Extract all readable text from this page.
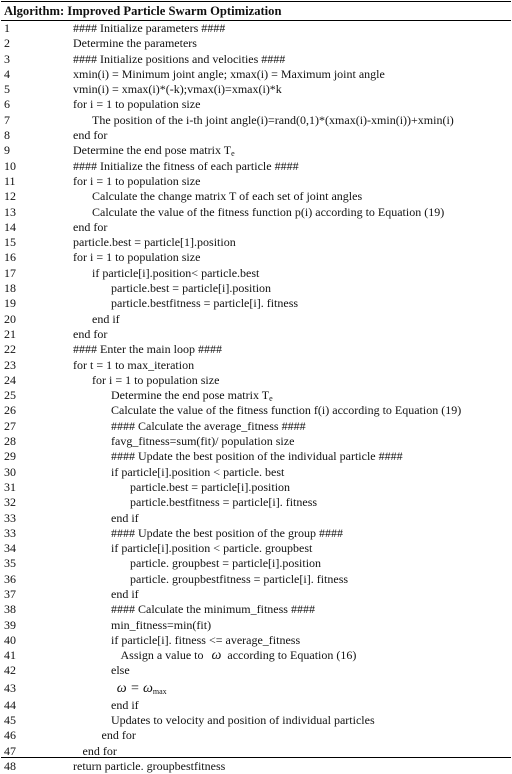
Algorithm: Improved Particle Swarm Optimization
1	#### Initialize parameters ####
2	Determine the parameters
3	#### Initialize positions and velocities ####
4	xmin(i) = Minimum joint angle; xmax(i) = Maximum joint angle
5	vmin(i) = xmax(i)*(-k);vmax(i)=xmax(i)*k
6	for i = 1 to population size
7	The position of the i-th joint angle(i)=rand(0,1)*(xmax(i)-xmin(i))+xmin(i)
8	end for
9	Determine the end pose matrix $T_e$
10	#### Initialize the fitness of each particle ####
11	for i = 1 to population size
12	Calculate the change matrix T of each set of joint angles
13	Calculate the value of the fitness function p(i) according to Equation (19)
14	end for
15	particle.best = particle[1].position
16	for i = 1 to population size
17	if particle[i].position< particle.best
18	particle.best = particle[i].position
19	particle.bestfitness = particle[i]. fitness
20	end if
21	end for
22	#### Enter the main loop ####
23	for t = 1 to max_iteration
24	for i = 1 to population size
25	Determine the end pose matrix $T_e$
26	Calculate the value of the fitness function f(i) according to Equation (19)
27	#### Calculate the average_fitness ####
28	favg_fitness=sum(fit)/ population size
29	#### Update the best position of the individual particle ####
30	if particle[i].position < particle. best
31	particle.best = particle[i].position
32	particle.bestfitness = particle[i]. fitness
33	end if
33	#### Update the best position of the group ####
34	if particle[i].position < particle. groupbest
35	particle. groupbest = particle[i].position
36	particle. groupbestfitness = particle[i]. fitness
37	end if
38	#### Calculate the minimum_fitness ####
39	min_fitness=min(fit)
40	if particle[i]. fitness <= average_fitness
41	Assign a value to ω according to Equation (16)
42	else
43	$\omega = \omega_{max}$
44	end if
45	Updates to velocity and position of individual particles
46	end for
47	end for
48	return particle. groupbestfitness
